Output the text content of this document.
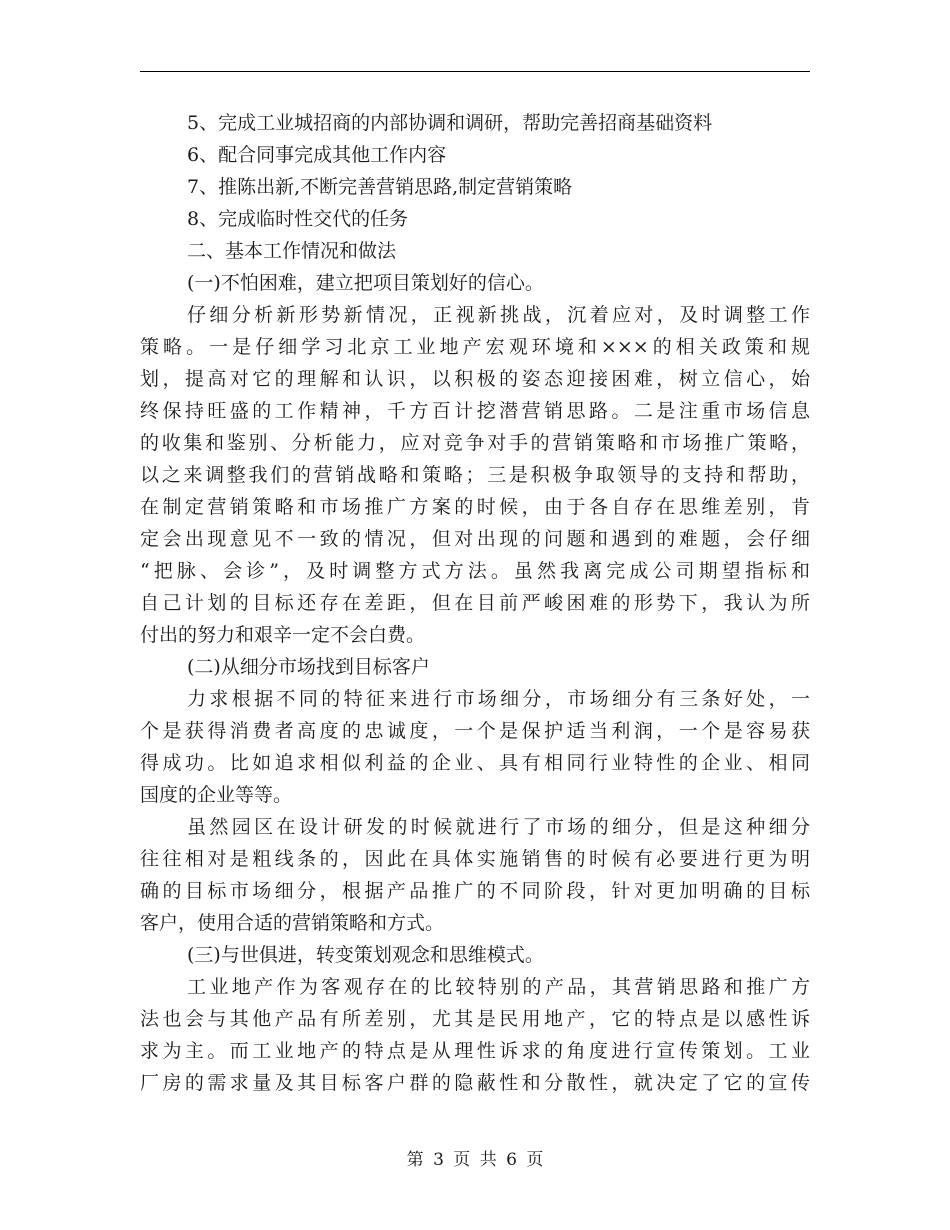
5、完成工业城招商的内部协调和调研，帮助完善招商基础资料
6、配合同事完成其他工作内容
7、推陈出新,不断完善营销思路,制定营销策略
8、完成临时性交代的任务
二、基本工作情况和做法
(一)不怕困难，建立把项目策划好的信心。
仔细分析新形势新情况，正视新挑战，沉着应对，及时调整工作
策略。一是仔细学习北京工业地产宏观环境和×××的相关政策和规
划，提高对它的理解和认识，以积极的姿态迎接困难，树立信心，始
终保持旺盛的工作精神，千方百计挖潜营销思路。二是注重市场信息
的收集和鉴别、分析能力，应对竞争对手的营销策略和市场推广策略，
以之来调整我们的营销战略和策略；三是积极争取领导的支持和帮助，
在制定营销策略和市场推广方案的时候，由于各自存在思维差别，肯
定会出现意见不一致的情况，但对出现的问题和遇到的难题，会仔细
“把脉、会诊”，及时调整方式方法。虽然我离完成公司期望指标和
自己计划的目标还存在差距，但在目前严峻困难的形势下，我认为所
付出的努力和艰辛一定不会白费。
(二)从细分市场找到目标客户
力求根据不同的特征来进行市场细分，市场细分有三条好处，一
个是获得消费者高度的忠诚度，一个是保护适当利润，一个是容易获
得成功。比如追求相似利益的企业、具有相同行业特性的企业、相同
国度的企业等等。
虽然园区在设计研发的时候就进行了市场的细分，但是这种细分
往往相对是粗线条的，因此在具体实施销售的时候有必要进行更为明
确的目标市场细分，根据产品推广的不同阶段，针对更加明确的目标
客户，使用合适的营销策略和方式。
(三)与世俱进，转变策划观念和思维模式。
工业地产作为客观存在的比较特别的产品，其营销思路和推广方
法也会与其他产品有所差别，尤其是民用地产，它的特点是以感性诉
求为主。而工业地产的特点是从理性诉求的角度进行宣传策划。工业
厂房的需求量及其目标客户群的隐蔽性和分散性，就决定了它的宣传
第 3 页 共 6 页
